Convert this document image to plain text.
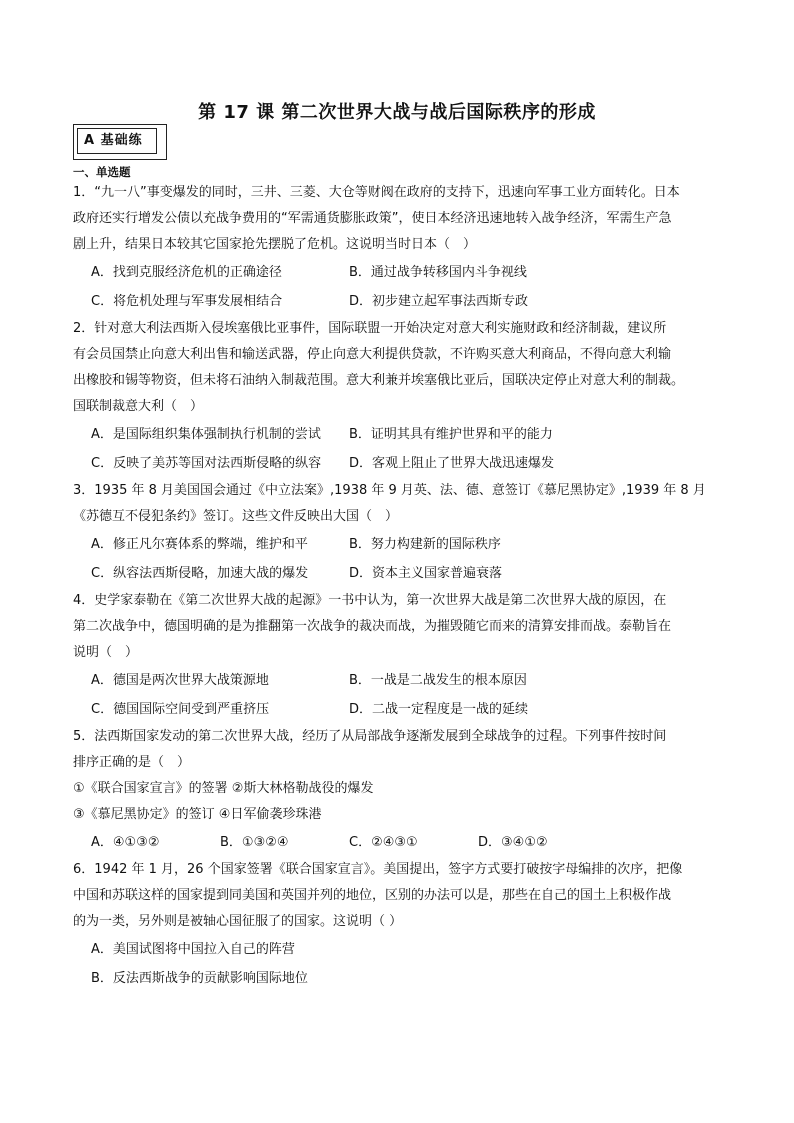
第 17 课 第二次世界大战与战后国际秩序的形成
A 基础练
一、单选题
1．“九一八”事变爆发的同时，三井、三菱、大仓等财阀在政府的支持下，迅速向军事工业方面转化。日本
政府还实行增发公债以充战争费用的“军需通货膨胀政策”，使日本经济迅速地转入战争经济，军需生产急
剧上升，结果日本较其它国家抢先摆脱了危机。这说明当时日本（　）
A．找到克服经济危机的正确途径	B．通过战争转移国内斗争视线
C．将危机处理与军事发展相结合	D．初步建立起军事法西斯专政
2．针对意大利法西斯入侵埃塞俄比亚事件，国际联盟一开始决定对意大利实施财政和经济制裁，建议所
有会员国禁止向意大利出售和输送武器，停止向意大利提供贷款，不许购买意大利商品，不得向意大利输
出橡胶和锡等物资，但未将石油纳入制裁范围。意大利兼并埃塞俄比亚后，国联决定停止对意大利的制裁。
国联制裁意大利（　）
A．是国际组织集体强制执行机制的尝试	B．证明其具有维护世界和平的能力
C．反映了美苏等国对法西斯侵略的纵容	D．客观上阻止了世界大战迅速爆发
3．1935 年 8 月美国国会通过《中立法案》,1938 年 9 月英、法、德、意签订《慕尼黑协定》,1939 年 8 月
《苏德互不侵犯条约》签订。这些文件反映出大国（　）
A．修正凡尔赛体系的弊端，维护和平	B．努力构建新的国际秩序
C．纵容法西斯侵略，加速大战的爆发	D．资本主义国家普遍衰落
4．史学家泰勒在《第二次世界大战的起源》一书中认为，第一次世界大战是第二次世界大战的原因，在
第二次战争中，德国明确的是为推翻第一次战争的裁决而战，为摧毁随它而来的清算安排而战。泰勒旨在
说明（　）
A．德国是两次世界大战策源地	B．一战是二战发生的根本原因
C．德国国际空间受到严重挤压	D．二战一定程度是一战的延续
5．法西斯国家发动的第二次世界大战，经历了从局部战争逐渐发展到全球战争的过程。下列事件按时间
排序正确的是（　）
①《联合国家宣言》的签署 ②斯大林格勒战役的爆发
③《慕尼黑协定》的签订 ④日军偷袭珍珠港
A．④①③②	B．①③②④	C．②④③①	D．③④①②
6．1942 年 1 月，26 个国家签署《联合国家宣言》。美国提出，签字方式要打破按字母编排的次序，把像
中国和苏联这样的国家提到同美国和英国并列的地位，区别的办法可以是，那些在自己的国土上积极作战
的为一类，另外则是被轴心国征服了的国家。这说明（ ）
A．美国试图将中国拉入自己的阵营
B．反法西斯战争的贡献影响国际地位
